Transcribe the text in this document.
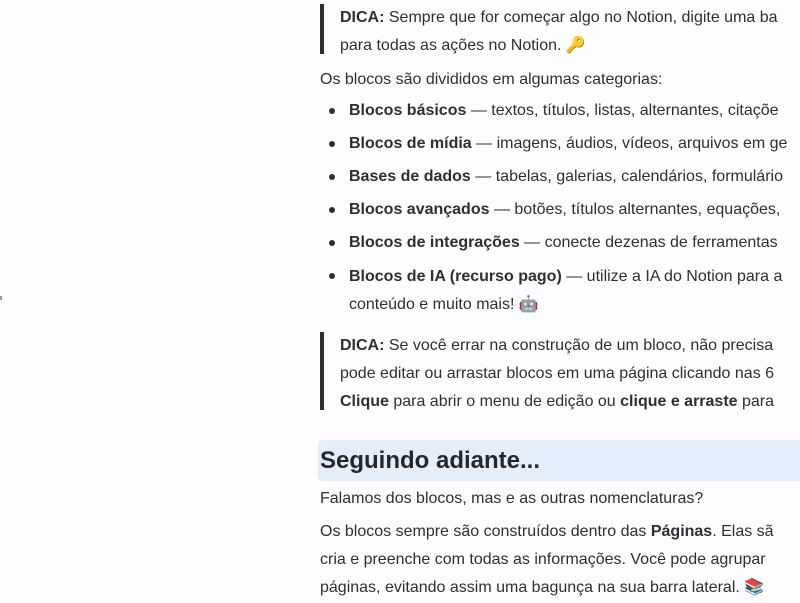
DICA: Sempre que for começar algo no Notion, digite uma ba
para todas as ações no Notion. 🔑
Os blocos são divididos em algumas categorias:
Blocos básicos — textos, títulos, listas, alternantes, citaçõe
Blocos de mídia — imagens, áudios, vídeos, arquivos em ge
Bases de dados — tabelas, galerias, calendários, formulário
Blocos avançados — botões, títulos alternantes, equações,
Blocos de integrações — conecte dezenas de ferramentas
Blocos de IA (recurso pago) — utilize a IA do Notion para a
conteúdo e muito mais! 🤖
DICA: Se você errar na construção de um bloco, não precisa
pode editar ou arrastar blocos em uma página clicando nas 6
Clique para abrir o menu de edição ou clique e arraste para
Seguindo adiante...
Falamos dos blocos, mas e as outras nomenclaturas?
Os blocos sempre são construídos dentro das Páginas. Elas sã
cria e preenche com todas as informações. Você pode agrupar
páginas, evitando assim uma bagunça na sua barra lateral. 📚
